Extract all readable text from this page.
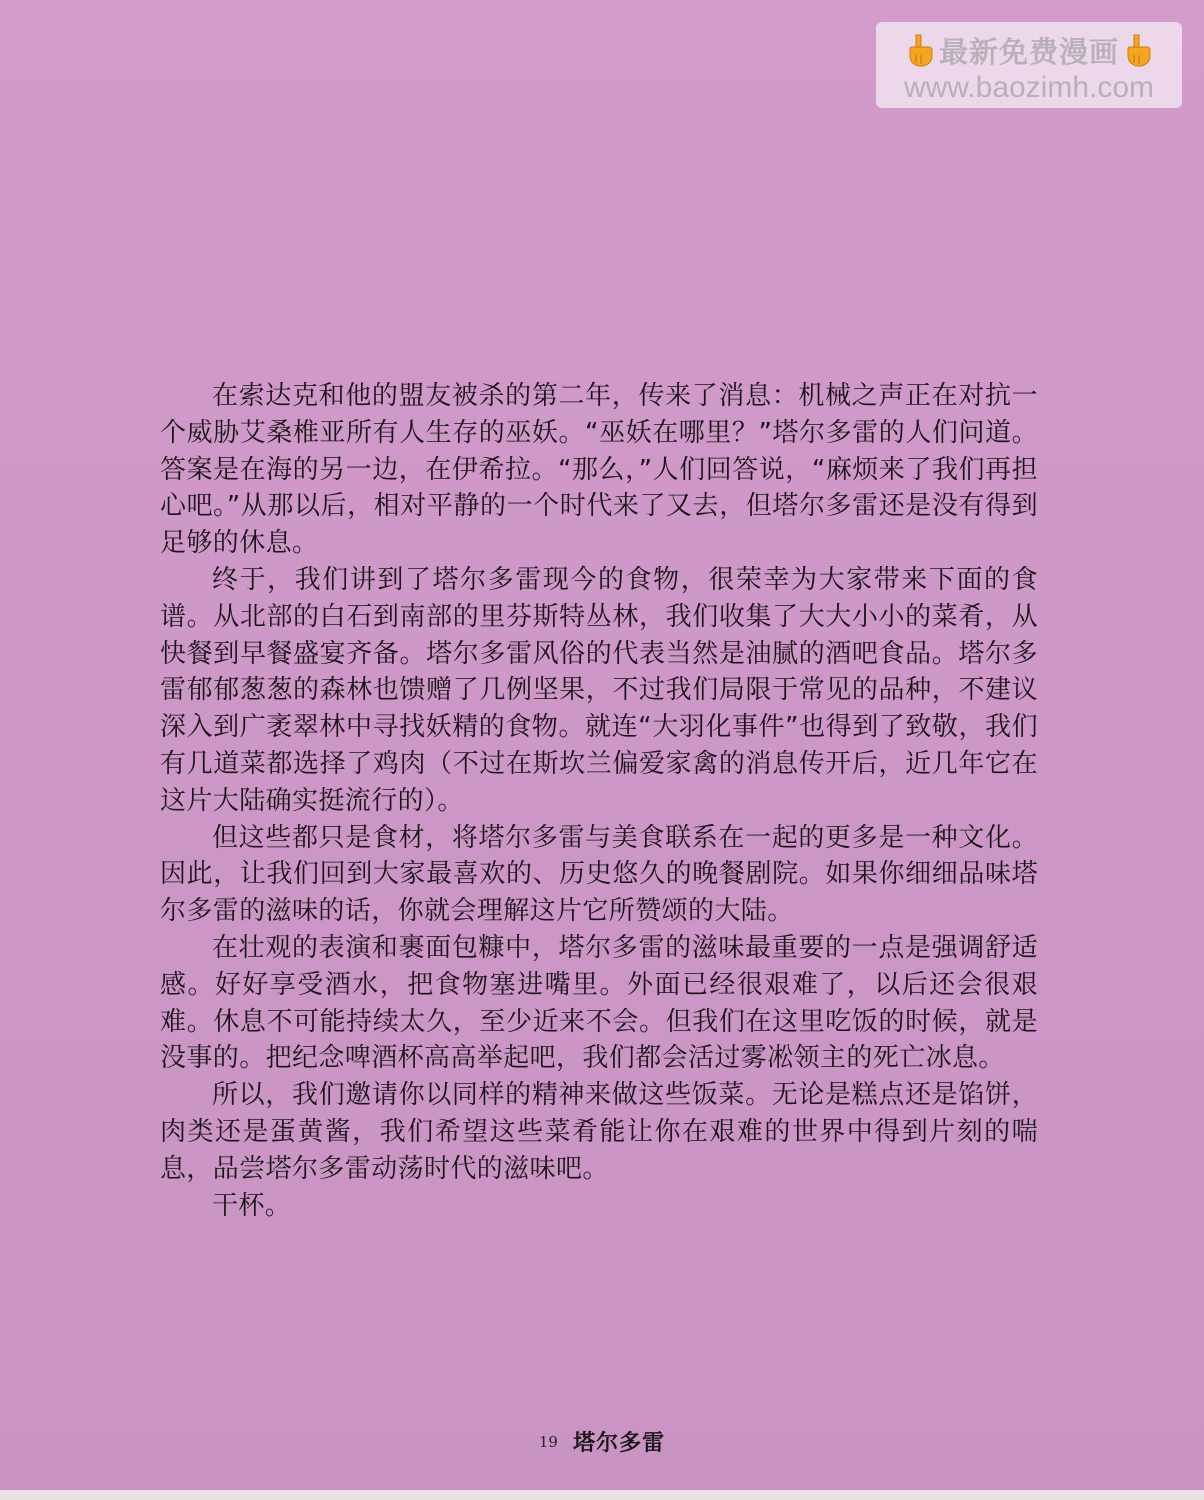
最新免费漫画
www.baozimh.com

在索达克和他的盟友被杀的第二年，传来了消息：机械之声正在对抗一个威胁艾桑椎亚所有人生存的巫妖。“巫妖在哪里？”塔尔多雷的人们问道。答案是在海的另一边，在伊希拉。“那么，”人们回答说，“麻烦来了我们再担心吧。”从那以后，相对平静的一个时代来了又去，但塔尔多雷还是没有得到足够的休息。

终于，我们讲到了塔尔多雷现今的食物，很荣幸为大家带来下面的食谱。从北部的白石到南部的里芬斯特丛林，我们收集了大大小小的菜肴，从快餐到早餐盛宴齐备。塔尔多雷风俗的代表当然是油腻的酒吧食品。塔尔多雷郁郁葱葱的森林也馈赠了几例坚果，不过我们局限于常见的品种，不建议深入到广袤翠林中寻找妖精的食物。就连“大羽化事件”也得到了致敬，我们有几道菜都选择了鸡肉（不过在斯坎兰偏爱家禽的消息传开后，近几年它在这片大陆确实挺流行的）。

但这些都只是食材，将塔尔多雷与美食联系在一起的更多是一种文化。因此，让我们回到大家最喜欢的、历史悠久的晚餐剧院。如果你细细品味塔尔多雷的滋味的话，你就会理解这片它所赞颂的大陆。

在壮观的表演和裹面包糠中，塔尔多雷的滋味最重要的一点是强调舒适感。好好享受酒水，把食物塞进嘴里。外面已经很艰难了，以后还会很艰难。休息不可能持续太久，至少近来不会。但我们在这里吃饭的时候，就是没事的。把纪念啤酒杯高高举起吧，我们都会活过雾凇领主的死亡冰息。

所以，我们邀请你以同样的精神来做这些饭菜。无论是糕点还是馅饼，肉类还是蛋黄酱，我们希望这些菜肴能让你在艰难的世界中得到片刻的喘息，品尝塔尔多雷动荡时代的滋味吧。

干杯。

19 塔尔多雷
